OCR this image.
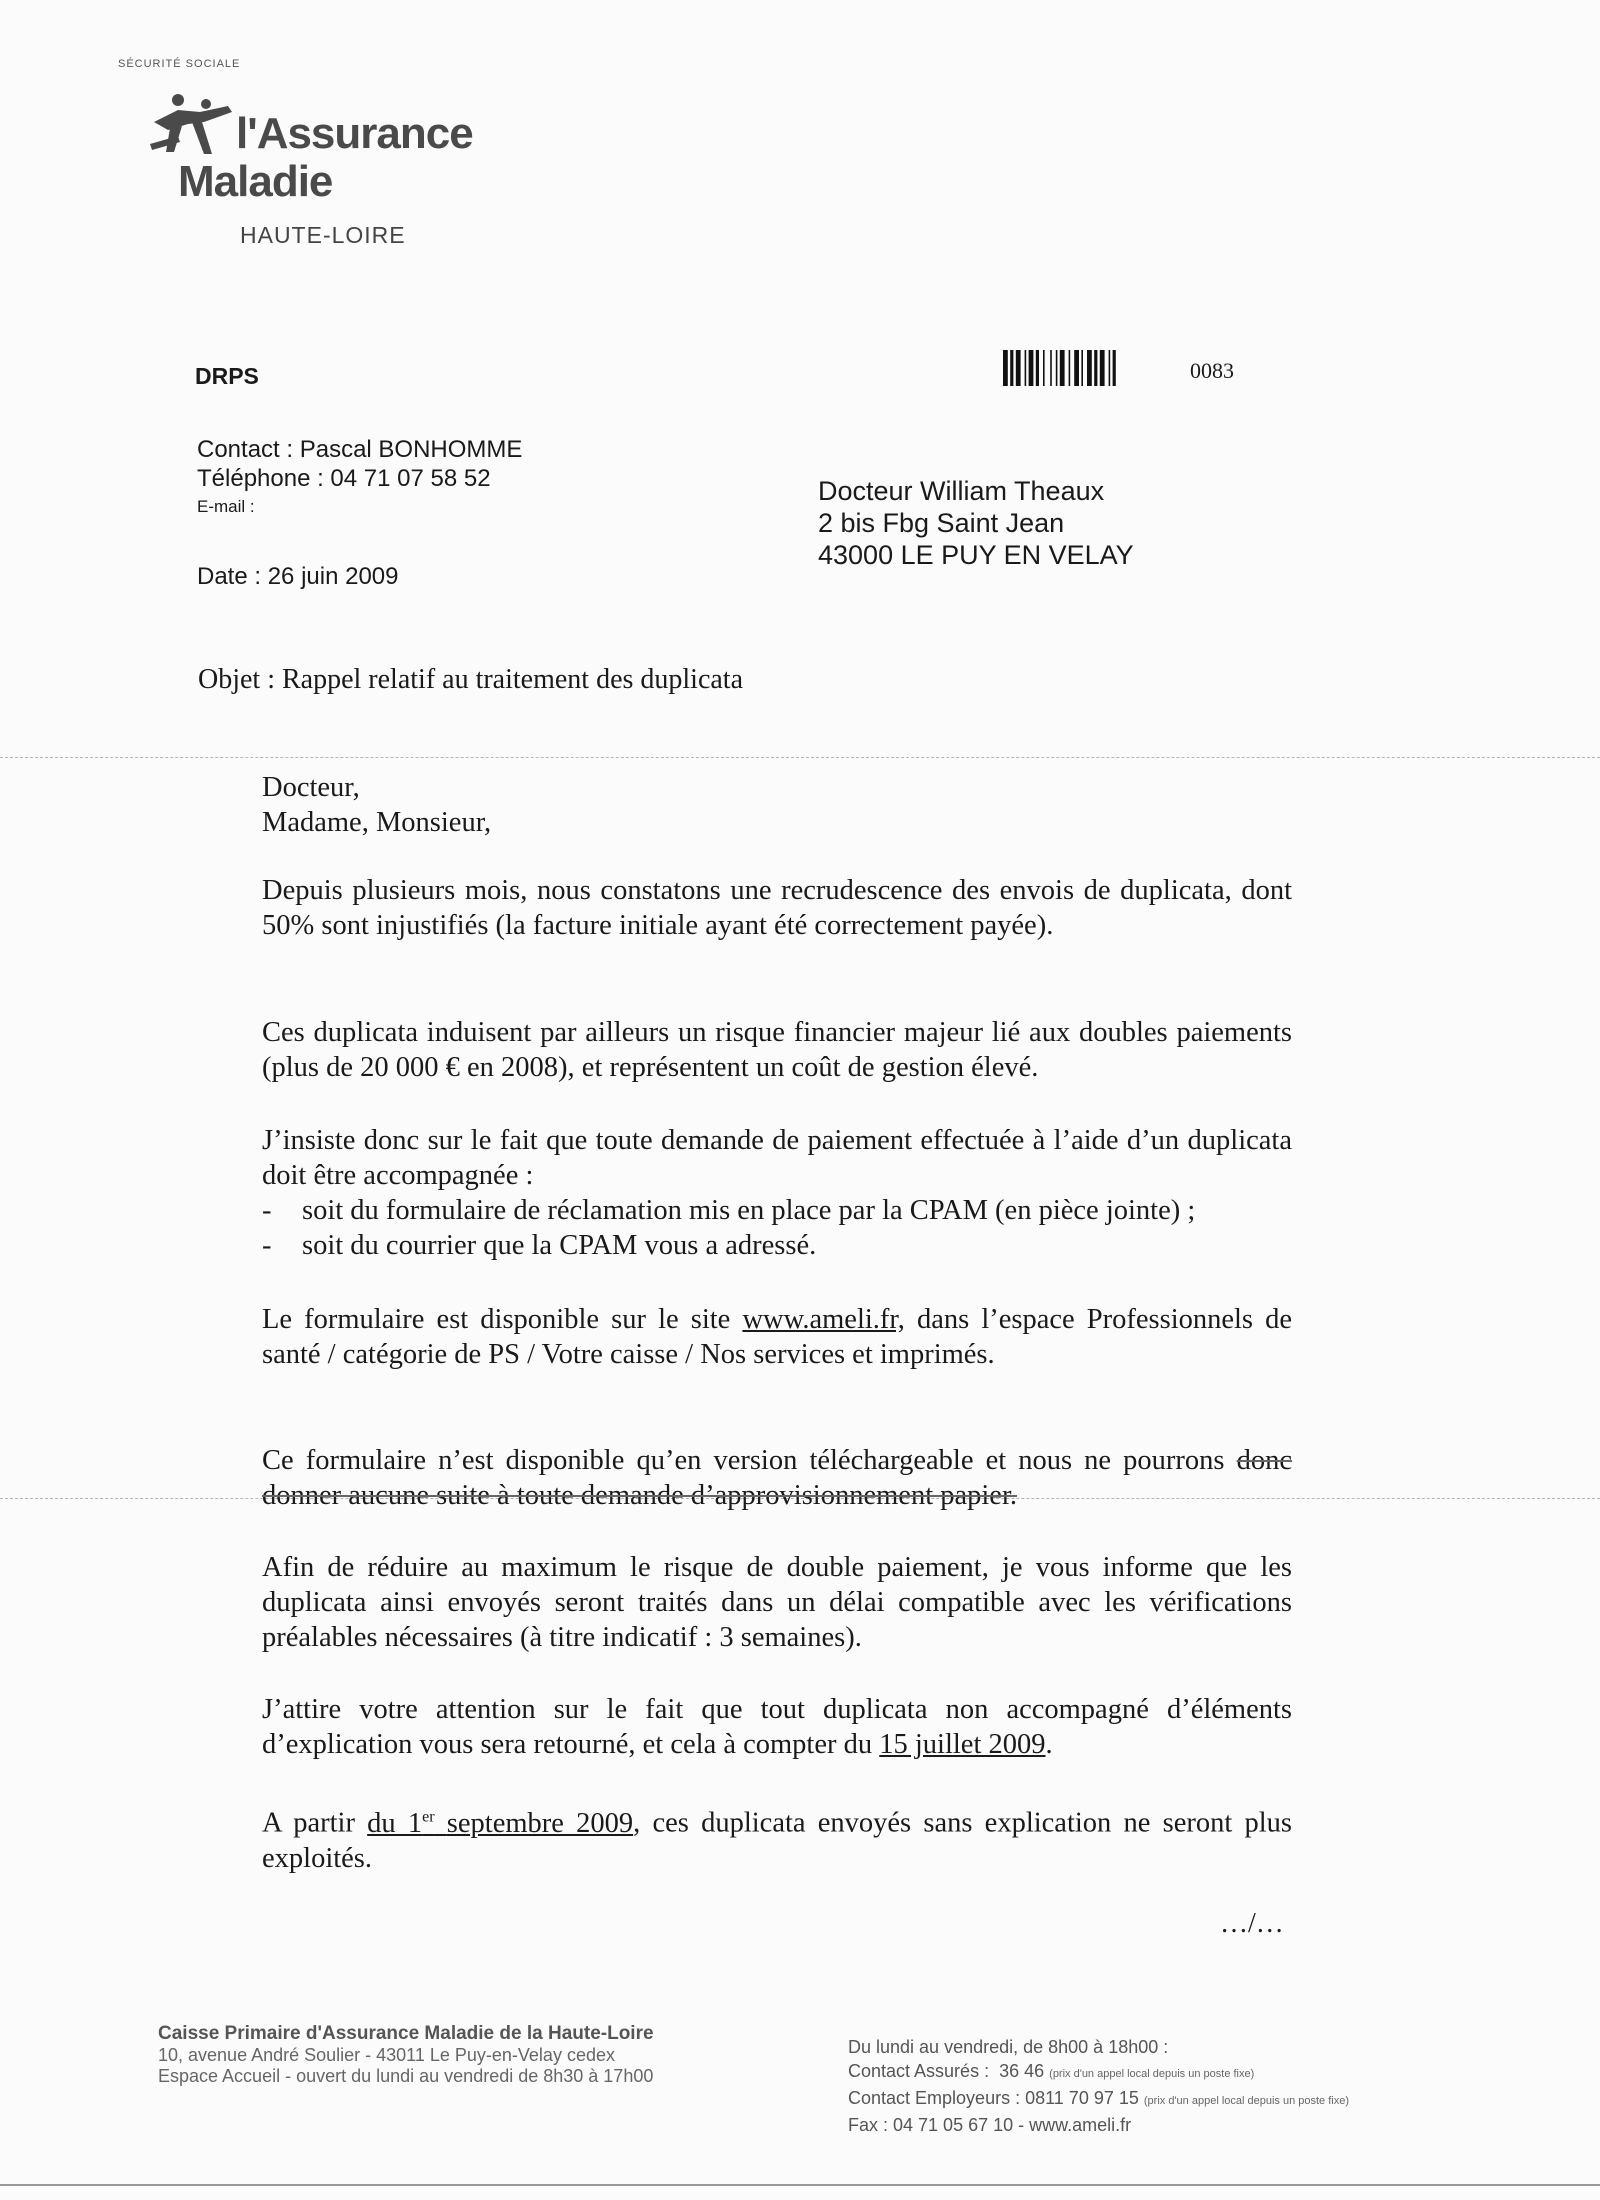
SÉCURITÉ SOCIALE
l'Assurance
Maladie
HAUTE-LOIRE
DRPS	0083
Contact : Pascal BONHOMME
Téléphone : 04 71 07 58 52
E-mail :
Date : 26 juin 2009
Docteur William Theaux
2 bis Fbg Saint Jean
43000 LE PUY EN VELAY
Objet : Rappel relatif au traitement des duplicata
Docteur,
Madame, Monsieur,

Depuis plusieurs mois, nous constatons une recrudescence des envois de duplicata, dont 50% sont injustifiés (la facture initiale ayant été correctement payée).

Ces duplicata induisent par ailleurs un risque financier majeur lié aux doubles paiements (plus de 20 000 € en 2008), et représentent un coût de gestion élevé.

J’insiste donc sur le fait que toute demande de paiement effectuée à l’aide d’un duplicata doit être accompagnée :
- soit du formulaire de réclamation mis en place par la CPAM (en pièce jointe) ;
- soit du courrier que la CPAM vous a adressé.

Le formulaire est disponible sur le site www.ameli.fr, dans l’espace Professionnels de santé / catégorie de PS / Votre caisse / Nos services et imprimés.

Ce formulaire n’est disponible qu’en version téléchargeable et nous ne pourrons donc donner aucune suite à toute demande d’approvisionnement papier.

Afin de réduire au maximum le risque de double paiement, je vous informe que les duplicata ainsi envoyés seront traités dans un délai compatible avec les vérifications préalables nécessaires (à titre indicatif : 3 semaines).

J’attire votre attention sur le fait que tout duplicata non accompagné d’éléments d’explication vous sera retourné, et cela à compter du 15 juillet 2009.

A partir du 1er septembre 2009, ces duplicata envoyés sans explication ne seront plus exploités.

…/…
Caisse Primaire d'Assurance Maladie de la Haute-Loire
10, avenue André Soulier - 43011 Le Puy-en-Velay cedex
Espace Accueil - ouvert du lundi au vendredi de 8h30 à 17h00
Du lundi au vendredi, de 8h00 à 18h00 :
Contact Assurés : 36 46 (prix d'un appel local depuis un poste fixe)
Contact Employeurs : 0811 70 97 15 (prix d'un appel local depuis un poste fixe)
Fax : 04 71 05 67 10 - www.ameli.fr
